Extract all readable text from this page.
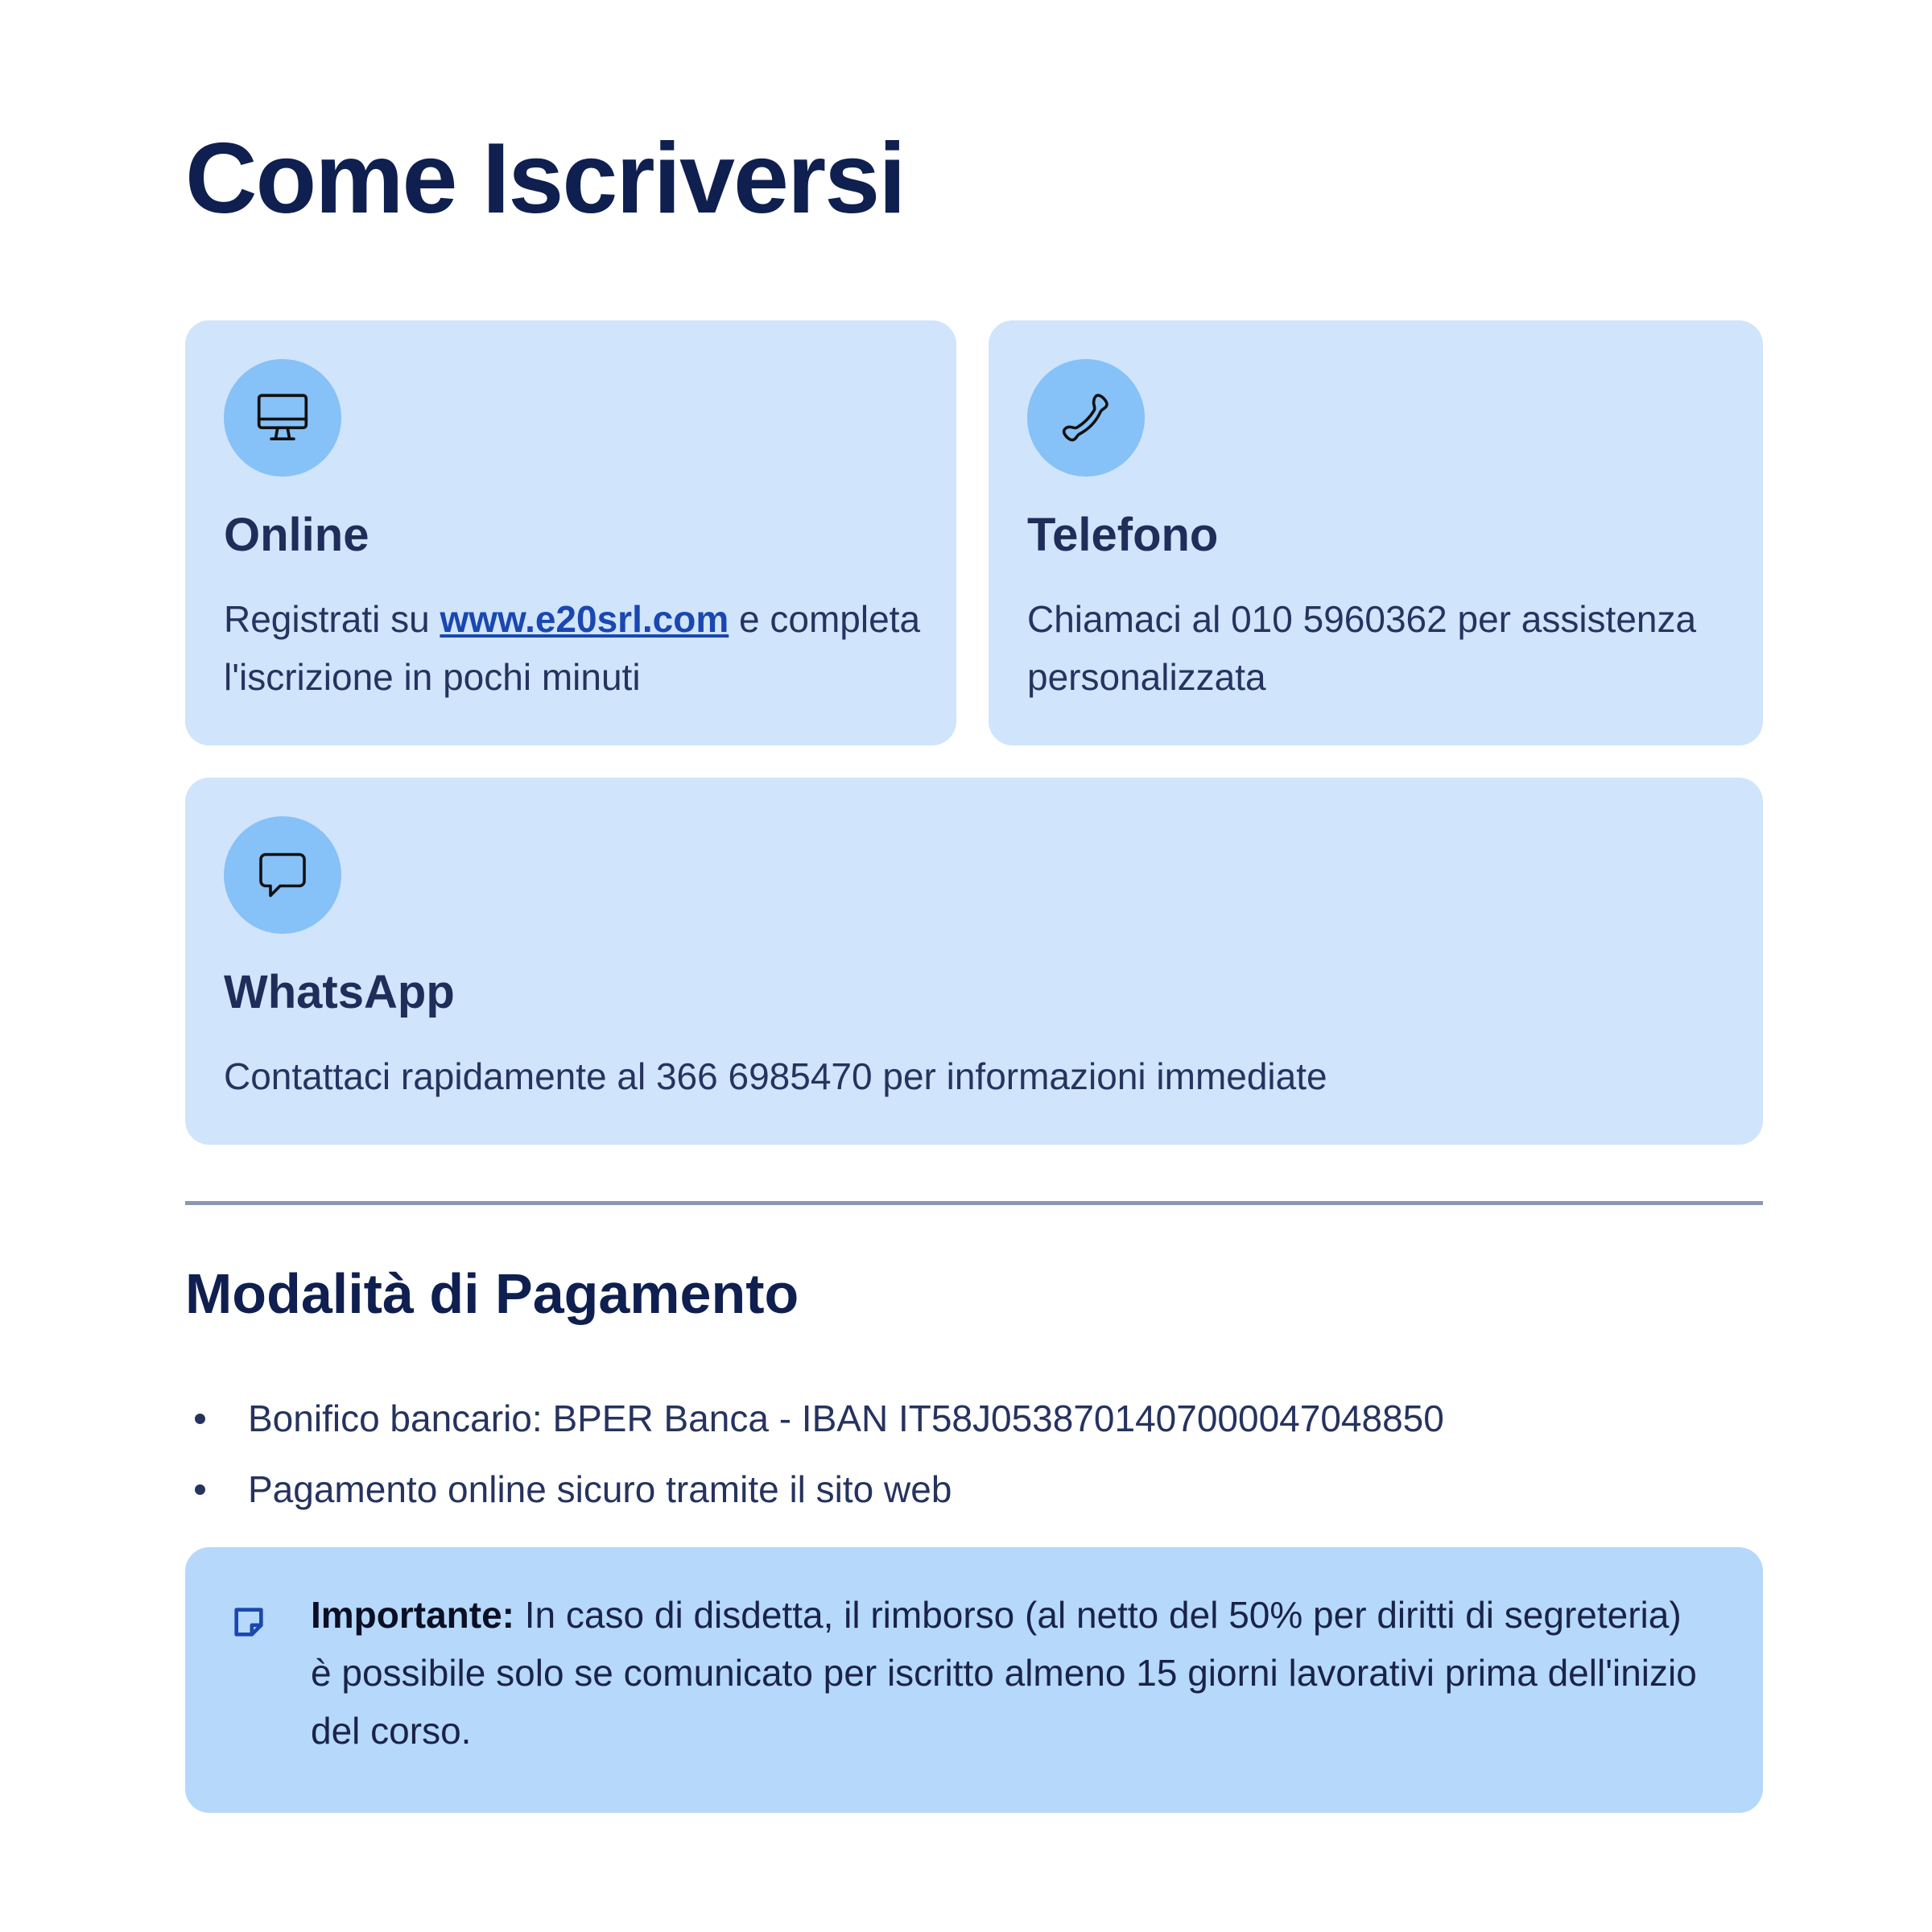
Come Iscriversi
Online

Registrati su www.e20srl.com e completa l'iscrizione in pochi minuti

Telefono

Chiamaci al 010 5960362 per assistenza personalizzata

WhatsApp

Contattaci rapidamente al 366 6985470 per informazioni immediate

Modalità di Pagamento
Bonifico bancario: BPER Banca - IBAN IT58J0538701407000047048850
Pagamento online sicuro tramite il sito web

Importante: In caso di disdetta, il rimborso (al netto del 50% per diritti di segreteria) è possibile solo se comunicato per iscritto almeno 15 giorni lavorativi prima dell'inizio del corso.
